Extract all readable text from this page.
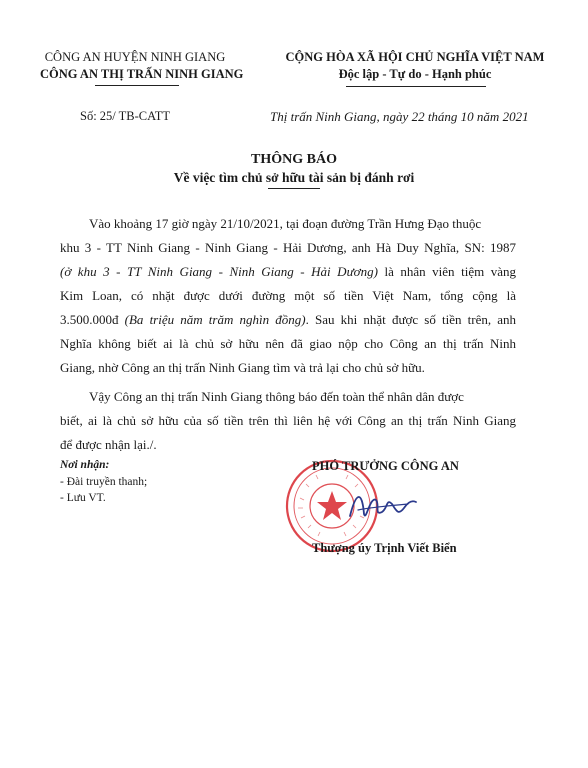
CÔNG AN HUYỆN NINH GIANG
CÔNG AN THỊ TRẤN NINH GIANG
CỘNG HÒA XÃ HỘI CHỦ NGHĨA VIỆT NAM
Độc lập - Tự do - Hạnh phúc
Số: 25/ TB-CATT	Thị trấn Ninh Giang, ngày 22 tháng 10 năm 2021
THÔNG BÁO
Về việc tìm chủ sở hữu tài sản bị đánh rơi
Vào khoảng 17 giờ ngày 21/10/2021, tại đoạn đường Trần Hưng Đạo thuộc
khu 3 - TT Ninh Giang - Ninh Giang - Hải Dương, anh Hà Duy Nghĩa, SN: 1987
(ở khu 3 - TT Ninh Giang - Ninh Giang - Hải Dương) là nhân viên tiệm vàng
Kim Loan, có nhặt được dưới đường một số tiền Việt Nam, tổng cộng là
3.500.000đ (Ba triệu năm trăm nghìn đồng). Sau khi nhặt được số tiền trên, anh
Nghĩa không biết ai là chủ sở hữu nên đã giao nộp cho Công an thị trấn Ninh
Giang, nhờ Công an thị trấn Ninh Giang tìm và trả lại cho chủ sở hữu.
Vậy Công an thị trấn Ninh Giang thông báo đến toàn thể nhân dân được
biết, ai là chủ sở hữu của số tiền trên thì liên hệ với Công an thị trấn Ninh Giang
để được nhận lại./.
Nơi nhận:
- Đài truyền thanh;
- Lưu VT.
PHÓ TRƯỞNG CÔNG AN
Thượng úy Trịnh Viết Biển
